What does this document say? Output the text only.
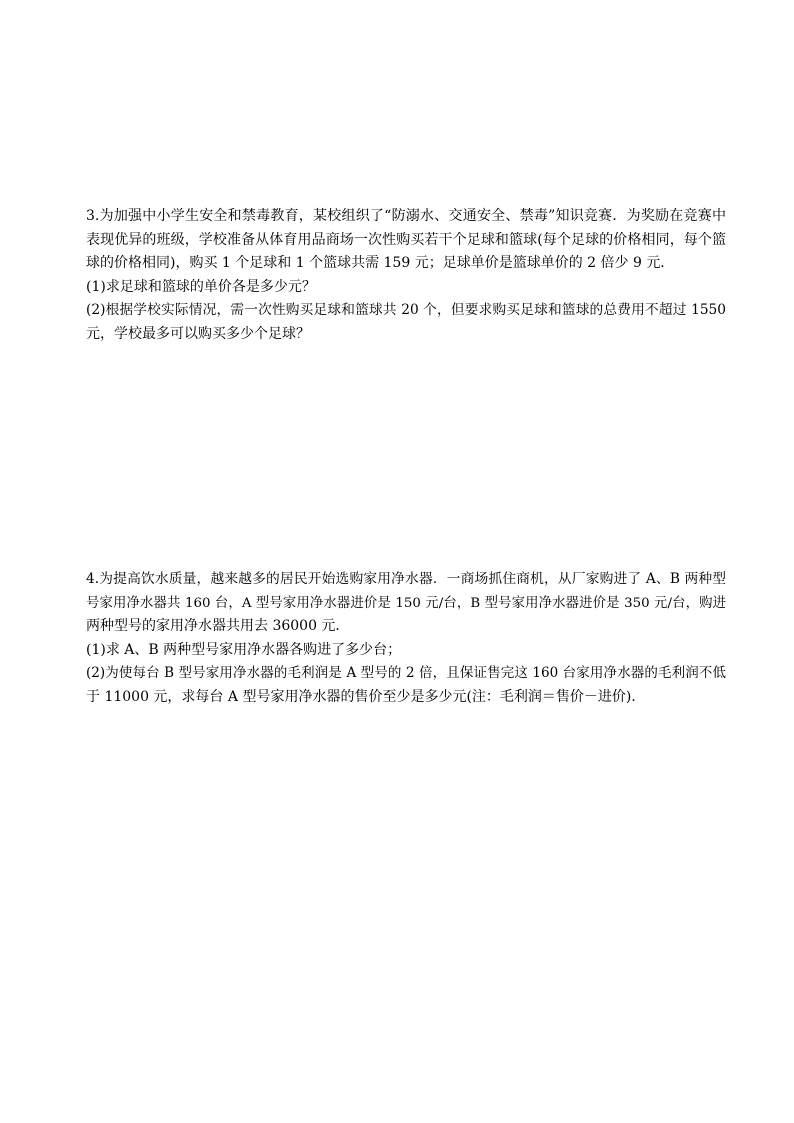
3.为加强中小学生安全和禁毒教育，某校组织了“防溺水、交通安全、禁毒”知识竞赛．为奖励在竞赛中
表现优异的班级，学校准备从体育用品商场一次性购买若干个足球和篮球(每个足球的价格相同，每个篮
球的价格相同)，购买 1 个足球和 1 个篮球共需 159 元；足球单价是篮球单价的 2 倍少 9 元．
(1)求足球和篮球的单价各是多少元？
(2)根据学校实际情况，需一次性购买足球和篮球共 20 个，但要求购买足球和篮球的总费用不超过 1550
元，学校最多可以购买多少个足球？
4.为提高饮水质量，越来越多的居民开始选购家用净水器．一商场抓住商机，从厂家购进了 A、B 两种型
号家用净水器共 160 台，A 型号家用净水器进价是 150 元/台，B 型号家用净水器进价是 350 元/台，购进
两种型号的家用净水器共用去 36000 元．
(1)求 A、B 两种型号家用净水器各购进了多少台；
(2)为使每台 B 型号家用净水器的毛利润是 A 型号的 2 倍，且保证售完这 160 台家用净水器的毛利润不低
于 11000 元，求每台 A 型号家用净水器的售价至少是多少元(注：毛利润＝售价－进价)．
